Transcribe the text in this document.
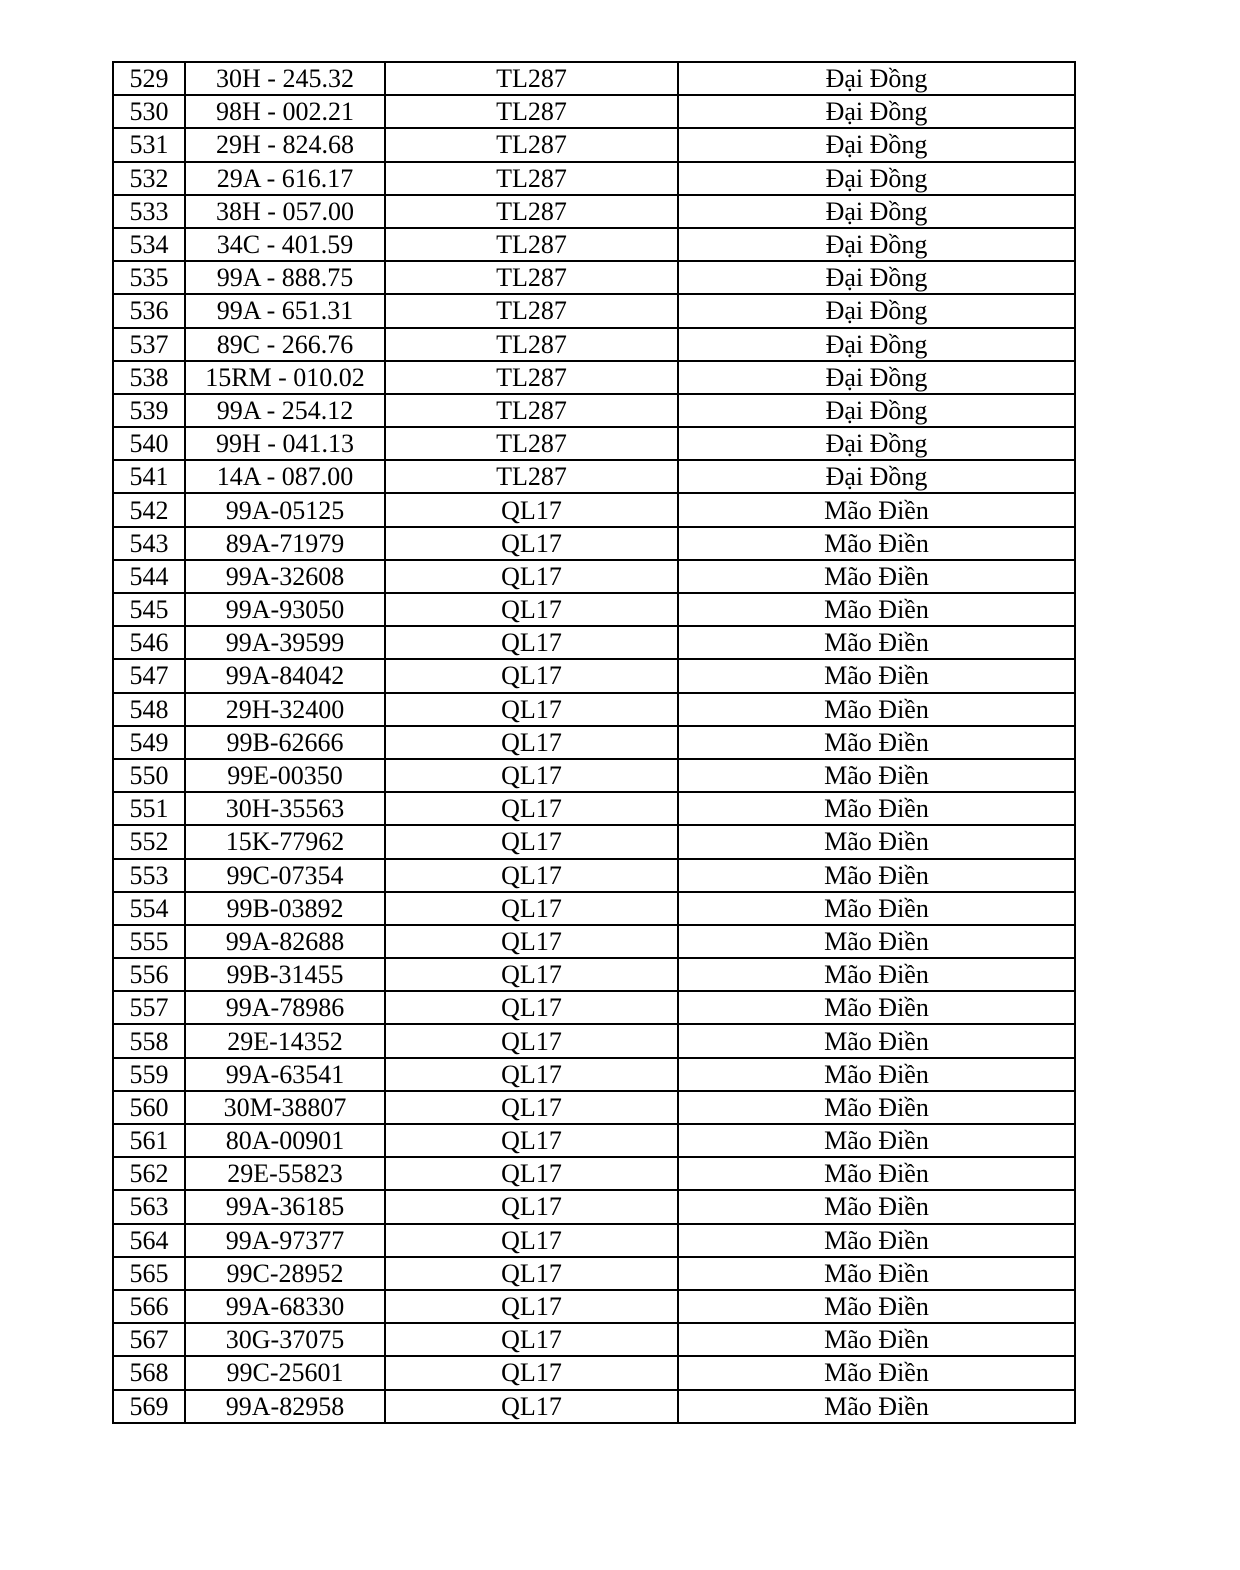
529	30H - 245.32	TL287	Đại Đồng
530	98H - 002.21	TL287	Đại Đồng
531	29H - 824.68	TL287	Đại Đồng
532	29A - 616.17	TL287	Đại Đồng
533	38H - 057.00	TL287	Đại Đồng
534	34C - 401.59	TL287	Đại Đồng
535	99A - 888.75	TL287	Đại Đồng
536	99A - 651.31	TL287	Đại Đồng
537	89C - 266.76	TL287	Đại Đồng
538	15RM - 010.02	TL287	Đại Đồng
539	99A - 254.12	TL287	Đại Đồng
540	99H - 041.13	TL287	Đại Đồng
541	14A - 087.00	TL287	Đại Đồng
542	99A-05125	QL17	Mão Điền
543	89A-71979	QL17	Mão Điền
544	99A-32608	QL17	Mão Điền
545	99A-93050	QL17	Mão Điền
546	99A-39599	QL17	Mão Điền
547	99A-84042	QL17	Mão Điền
548	29H-32400	QL17	Mão Điền
549	99B-62666	QL17	Mão Điền
550	99E-00350	QL17	Mão Điền
551	30H-35563	QL17	Mão Điền
552	15K-77962	QL17	Mão Điền
553	99C-07354	QL17	Mão Điền
554	99B-03892	QL17	Mão Điền
555	99A-82688	QL17	Mão Điền
556	99B-31455	QL17	Mão Điền
557	99A-78986	QL17	Mão Điền
558	29E-14352	QL17	Mão Điền
559	99A-63541	QL17	Mão Điền
560	30M-38807	QL17	Mão Điền
561	80A-00901	QL17	Mão Điền
562	29E-55823	QL17	Mão Điền
563	99A-36185	QL17	Mão Điền
564	99A-97377	QL17	Mão Điền
565	99C-28952	QL17	Mão Điền
566	99A-68330	QL17	Mão Điền
567	30G-37075	QL17	Mão Điền
568	99C-25601	QL17	Mão Điền
569	99A-82958	QL17	Mão Điền
